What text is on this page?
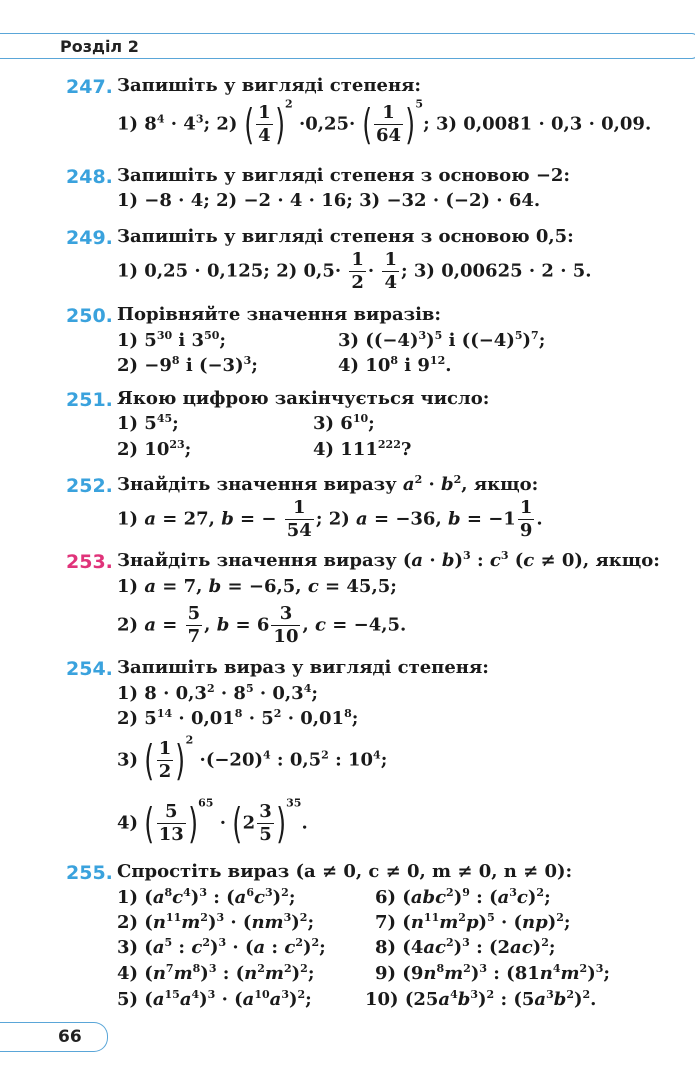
Розділ 2
247. Запишіть у вигляді степеня:
1) $8^4 \cdot 4^3$; 2) ( $\frac{1}{4} )^2 \cdot 0,25\cdot$ ( $\frac{1}{64} )^5$; 3) 0,0081 · 0,3 · 0,09.
248. Запишіть у вигляді степеня з основою −2:
1) −8 · 4; 2) −2 · 4 · 16; 3) −32 · (−2) · 64.
249. Запишіть у вигляді степеня з основою 0,5:
1) 0,25 · 0,125; 2) $0,5\cdot \frac{1}{2} \cdot \frac{1}{4}$ ; 3) 0,00625 · 2 · 5.
250. Порівняйте значення виразів:
1) $5^{30}$ і $3^{50}$;	3) $((-4)^3)^5$ і $((-4)^5)^7$;
$2) -9^8$ і $(-3)^3$;	4) $10^8$ і $9^{12}$.
251. Якою цифрою закінчується число:
1) $5^{45}$;	3) $6^{10}$;
2) $10^{23}$;	4) $111^{222}$?
252. Знайдіть значення виразу $a^2 \cdot b^2$, якщо:
1) a = 27, b = − $\frac{1}{54}$ ; 2) a = −36, $b = -1 \frac{1}{9}$ .
253. Знайдіть значення виразу $(a \cdot b)^3$ : $c^3$ (c ≠ 0), якщо:
1) a = 7, b = −6,5, c = 45,5;
2) $a = \frac{5}{7}$ , $b = 6 \frac{3}{10}$ , c = −4,5.
254. Запишіть вираз у вигляді степеня:
1) $8 \cdot 0,3^2 \cdot 8^5 \cdot 0,3^4$;
2) $5^{14} \cdot 0,01^8 \cdot 5^2 \cdot 0,01^8$;
3) ( $\frac{1}{2} )^2 \cdot(-20)^4$ : $0,5^2$ : $10^4$;
4) ( $\frac{5}{13} )^{65} \cdot (2 \frac{3}{5} )^{35}$.
255. Спростіть вираз (a ≠ 0, c ≠ 0, m ≠ 0, n ≠ 0):
1) $(a^8c^4)^3$ : $(a^6c^3)^2$;
2) $(n^{11}m^2)^3 \cdot (nm^3)^2$;
3) ($a^5$ : $c^2)^3 \cdot (a$ : $c^2)^2$;
4) $(n^7m^8)^3$ : $(n^2m^2)^2$;
5) $(a^{15}a^4)^3 \cdot (a^{10}a^3)^2$;
6) $(abc^2)^9$ : $(a^3c)^2$;
7) $(n^{11}m^2p)^5 \cdot (np)^2$;
8) $(4ac^2)^3$ : $(2ac)^2$;
9) $(9n^8m^2)^3$ : $(81n^4m^2)^3$;
10) $(25a^4b^3)^2$ : $(5a^3b^2)^2$.
66
